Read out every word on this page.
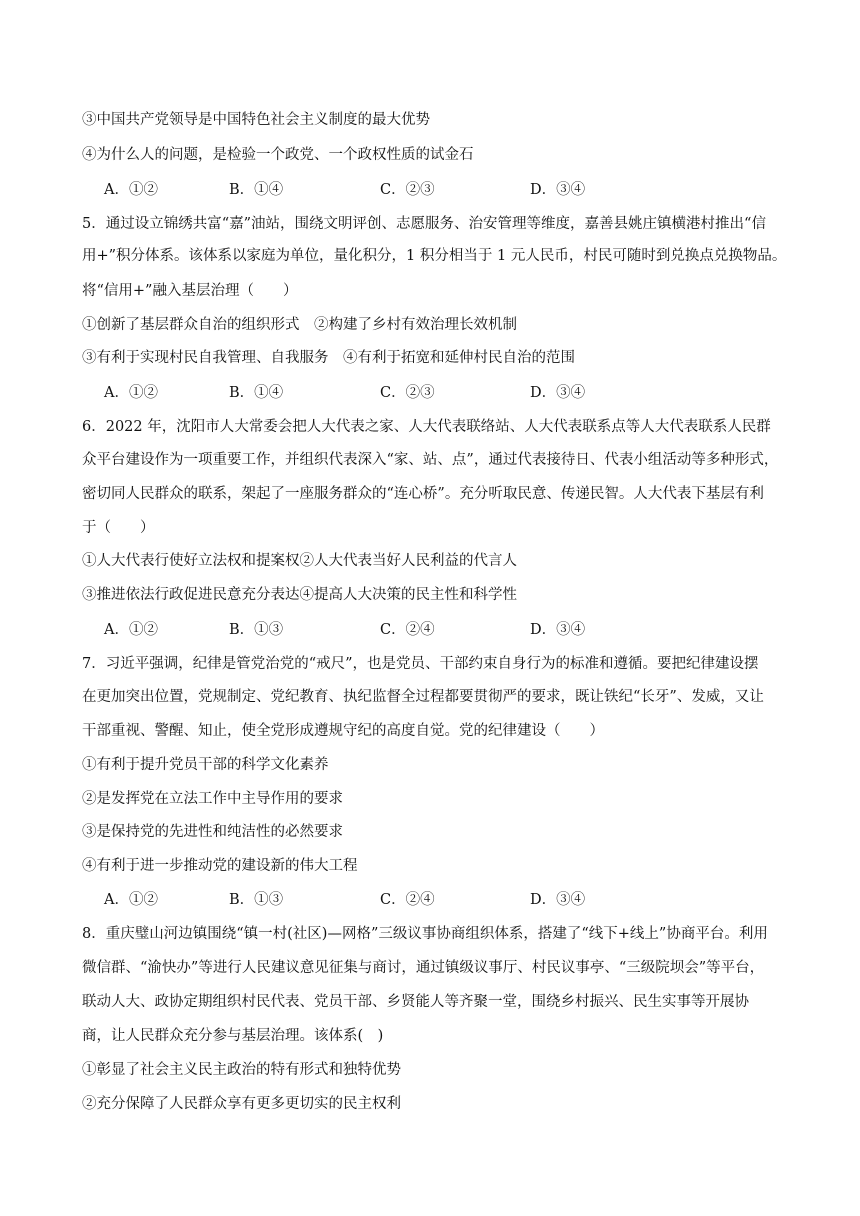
③中国共产党领导是中国特色社会主义制度的最大优势
④为什么人的问题，是检验一个政党、一个政权性质的试金石
A．①②	B．①④	C．②③	D．③④
5．通过设立锦绣共富“嘉”油站，围绕文明评创、志愿服务、治安管理等维度，嘉善县姚庄镇横港村推出“信
用+”积分体系。该体系以家庭为单位，量化积分，1 积分相当于 1 元人民币，村民可随时到兑换点兑换物品。
将“信用+”融入基层治理（　　）
①创新了基层群众自治的组织形式　②构建了乡村有效治理长效机制
③有利于实现村民自我管理、自我服务　④有利于拓宽和延伸村民自治的范围
A．①②	B．①④	C．②③	D．③④
6．2022 年，沈阳市人大常委会把人大代表之家、人大代表联络站、人大代表联系点等人大代表联系人民群
众平台建设作为一项重要工作，并组织代表深入“家、站、点”，通过代表接待日、代表小组活动等多种形式，
密切同人民群众的联系，架起了一座服务群众的“连心桥”。充分听取民意、传递民智。人大代表下基层有利
于（　　）
①人大代表行使好立法权和提案权②人大代表当好人民利益的代言人
③推进依法行政促进民意充分表达④提高人大决策的民主性和科学性
A．①②	B．①③	C．②④	D．③④
7．习近平强调，纪律是管党治党的“戒尺”，也是党员、干部约束自身行为的标准和遵循。要把纪律建设摆
在更加突出位置，党规制定、党纪教育、执纪监督全过程都要贯彻严的要求，既让铁纪“长牙”、发威，又让
干部重视、警醒、知止，使全党形成遵规守纪的高度自觉。党的纪律建设（　　）
①有利于提升党员干部的科学文化素养
②是发挥党在立法工作中主导作用的要求
③是保持党的先进性和纯洁性的必然要求
④有利于进一步推动党的建设新的伟大工程
A．①②	B．①③	C．②④	D．③④
8．重庆璧山河边镇围绕“镇一村(社区)—网格”三级议事协商组织体系，搭建了“线下+线上”协商平台。利用
微信群、“渝快办”等进行人民建议意见征集与商讨，通过镇级议事厅、村民议事亭、“三级院坝会”等平台，
联动人大、政协定期组织村民代表、党员干部、乡贤能人等齐聚一堂，围绕乡村振兴、民生实事等开展协
商，让人民群众充分参与基层治理。该体系(　)
①彰显了社会主义民主政治的特有形式和独特优势
②充分保障了人民群众享有更多更切实的民主权利
